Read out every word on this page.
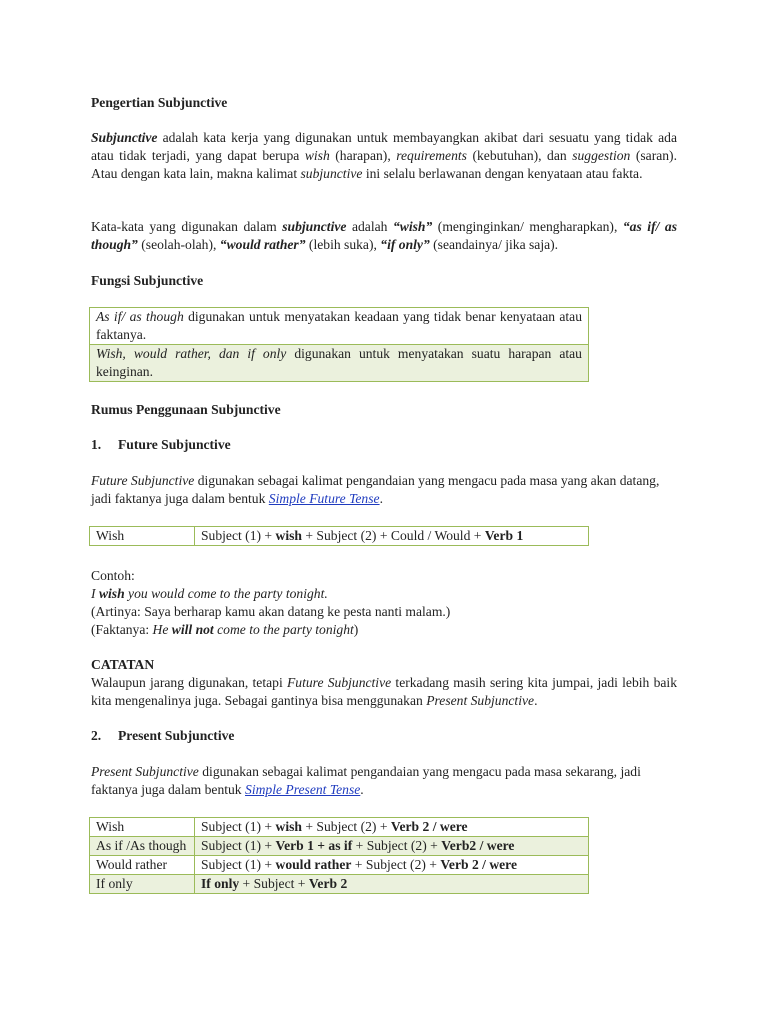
Pengertian Subjunctive
Subjunctive adalah kata kerja yang digunakan untuk membayangkan akibat dari sesuatu yang tidak ada atau tidak terjadi, yang dapat berupa wish (harapan), requirements (kebutuhan), dan suggestion (saran). Atau dengan kata lain, makna kalimat subjunctive ini selalu berlawanan dengan kenyataan atau fakta.
Kata-kata yang digunakan dalam subjunctive adalah “wish” (menginginkan/ mengharapkan), “as if/ as though” (seolah-olah), “would rather” (lebih suka), “if only” (seandainya/ jika saja).
Fungsi Subjunctive
As if/ as though digunakan untuk menyatakan keadaan yang tidak benar kenyataan atau faktanya.
Wish, would rather, dan if only digunakan untuk menyatakan suatu harapan atau keinginan.
Rumus Penggunaan Subjunctive
1. Future Subjunctive
Future Subjunctive digunakan sebagai kalimat pengandaian yang mengacu pada masa yang akan datang, jadi faktanya juga dalam bentuk Simple Future Tense.
Wish	Subject (1) + wish + Subject (2) + Could / Would + Verb 1
Contoh:
I wish you would come to the party tonight.
(Artinya: Saya berharap kamu akan datang ke pesta nanti malam.)
(Faktanya: He will not come to the party tonight)
CATATAN
Walaupun jarang digunakan, tetapi Future Subjunctive terkadang masih sering kita jumpai, jadi lebih baik kita mengenalinya juga. Sebagai gantinya bisa menggunakan Present Subjunctive.
2. Present Subjunctive
Present Subjunctive digunakan sebagai kalimat pengandaian yang mengacu pada masa sekarang, jadi faktanya juga dalam bentuk Simple Present Tense.
Wish	Subject (1) + wish + Subject (2) + Verb 2 / were
As if /As though	Subject (1) + Verb 1 + as if + Subject (2) + Verb2 / were
Would rather	Subject (1) + would rather + Subject (2) + Verb 2 / were
If only	If only + Subject + Verb 2
